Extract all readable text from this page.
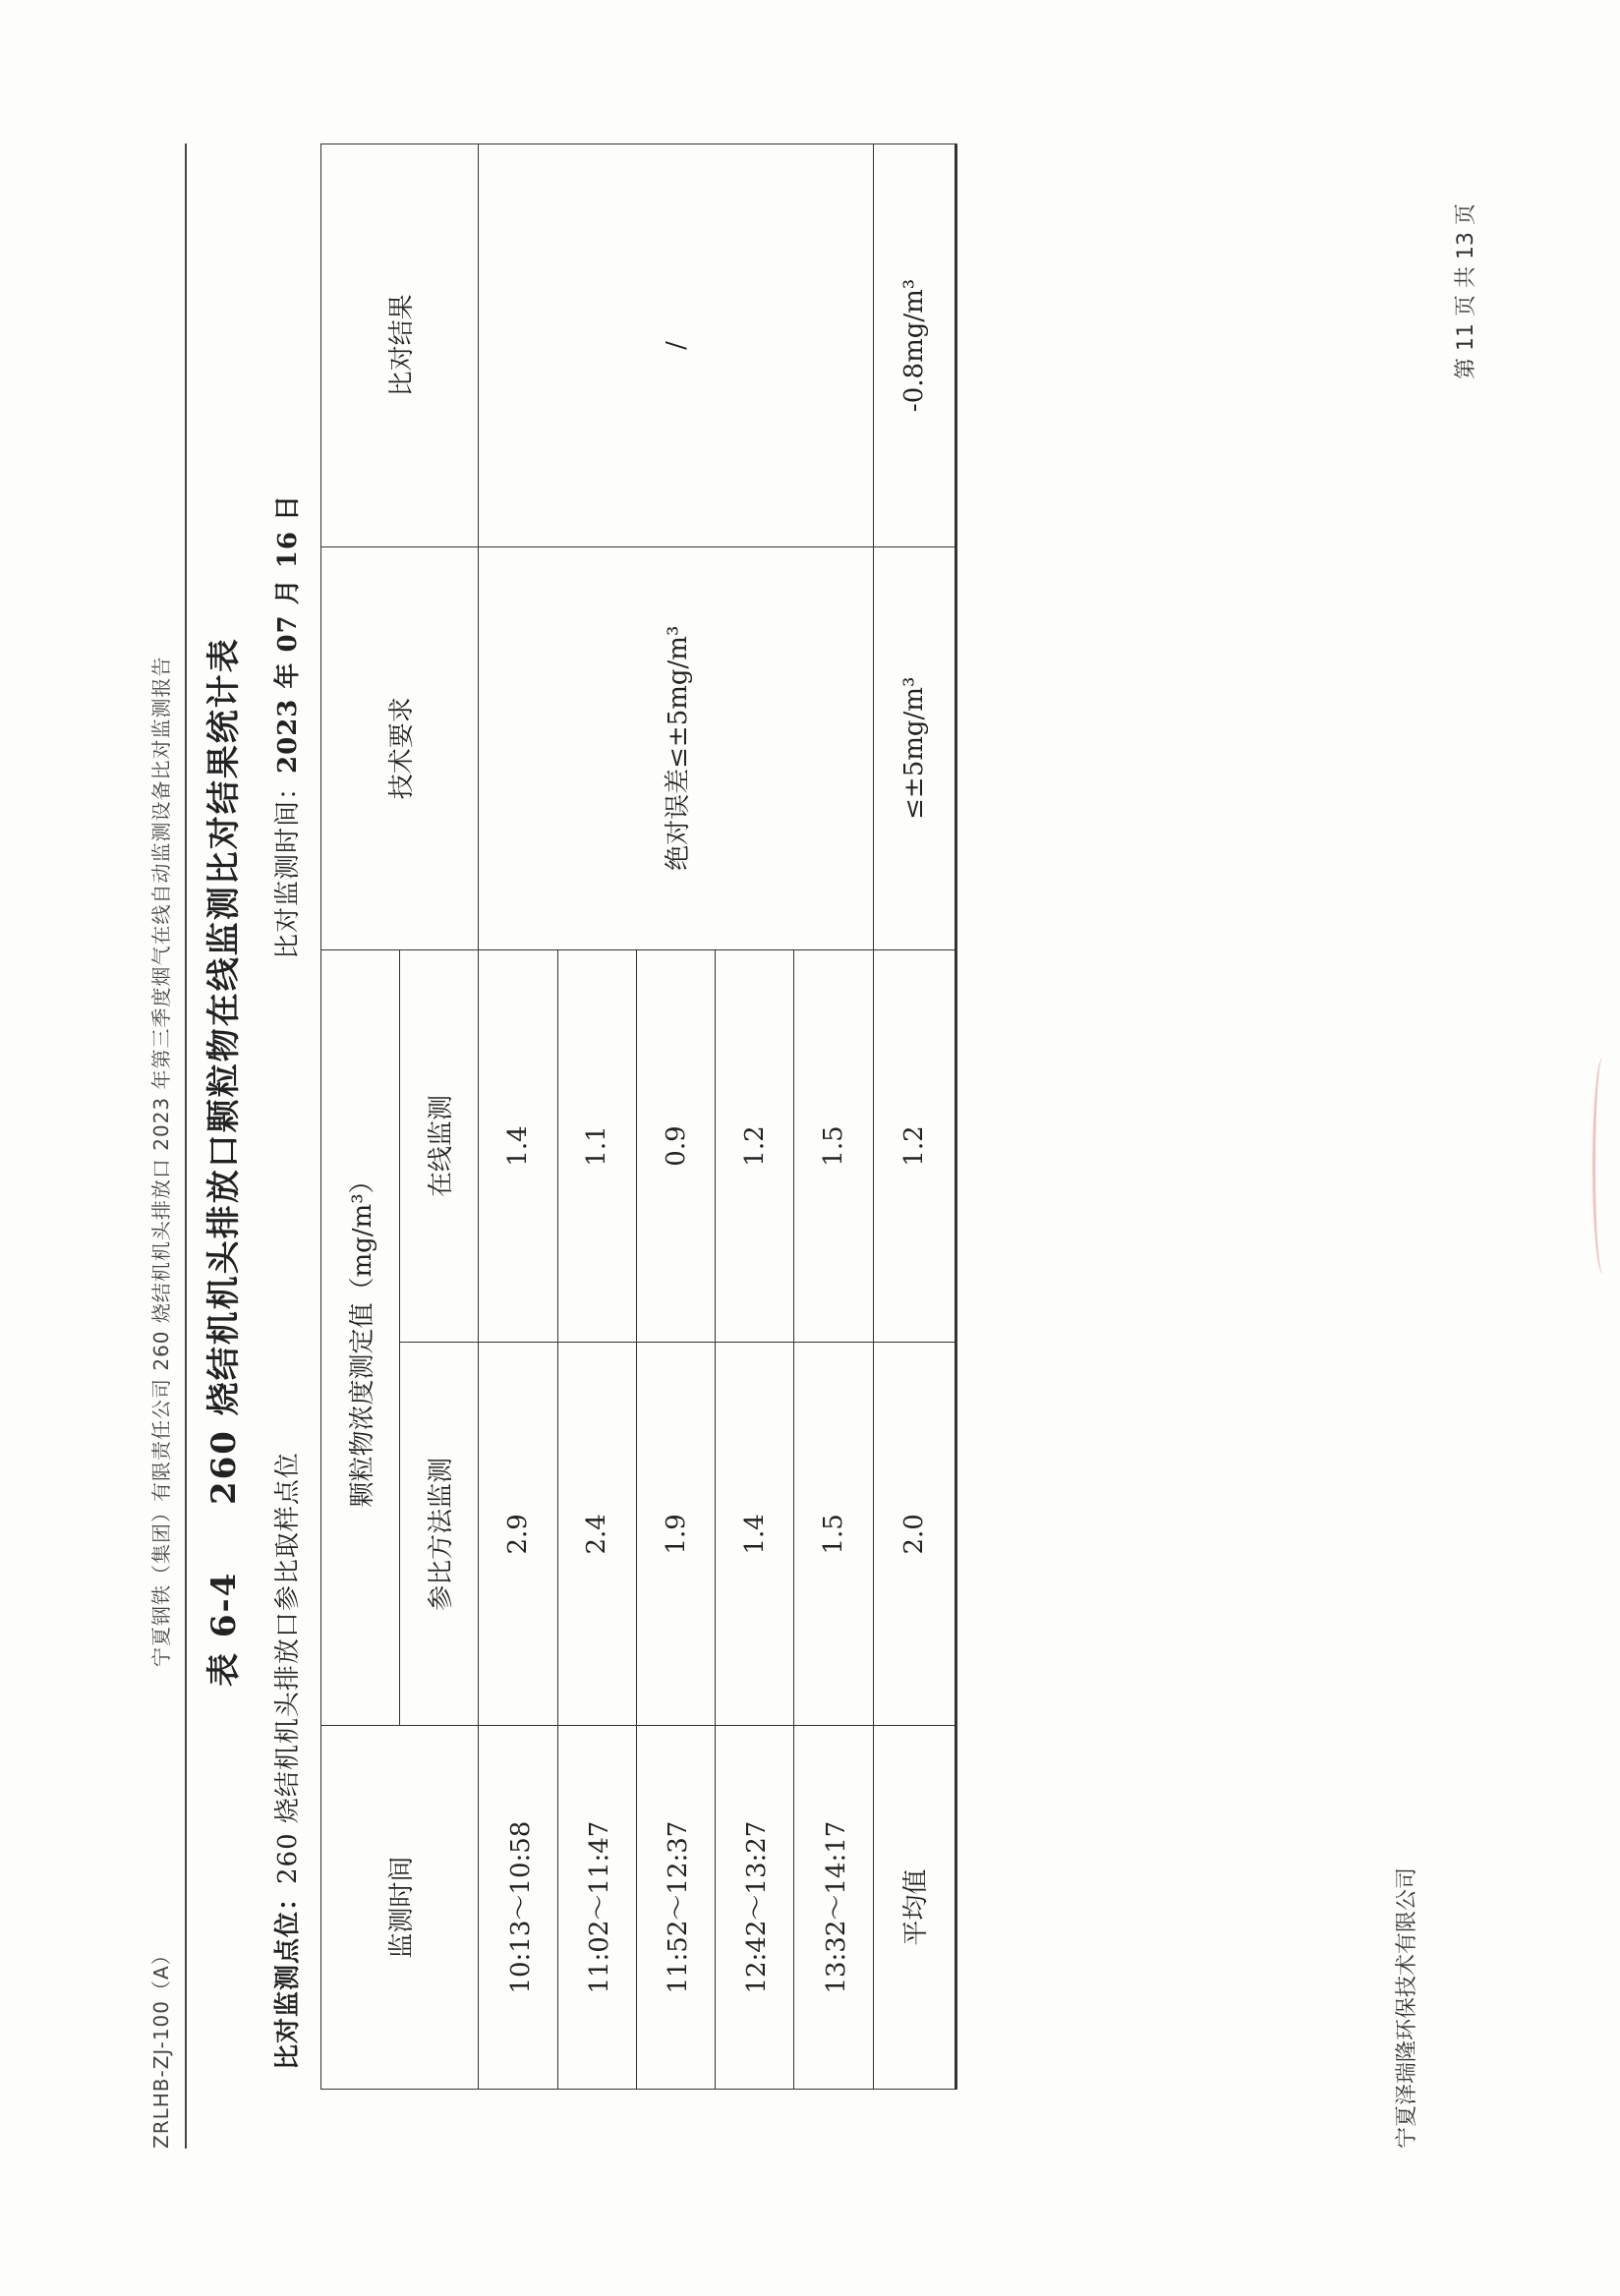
ZRLHB-ZJ-100（A）
宁夏钢铁（集团）有限责任公司 260 烧结机机头排放口 2023 年第三季度烟气在线自动监测设备比对监测报告 表 6-4  260 烧结机机头排放口颗粒物在线监测比对结果统计表
比对监测点位：260 烧结机机头排放口参比取样点位
比对监测时间：2023 年 07 月 16 日
监测时间	颗粒物浓度测定值（mg/m³）		技术要求	比对结果
	参比方法监测	在线监测		
10:13～10:58	2.9	1.4	绝对误差≤±5mg/m³	/
11:02～11:47	2.4	1.1		
11:52～12:37	1.9	0.9		
12:42～13:27	1.4	1.2		
13:32～14:17	1.5	1.5		
平均值	2.0	1.2	≤±5mg/m³	-0.8mg/m³
宁夏泽瑞隆环保技术有限公司
第 11 页 共 13 页
